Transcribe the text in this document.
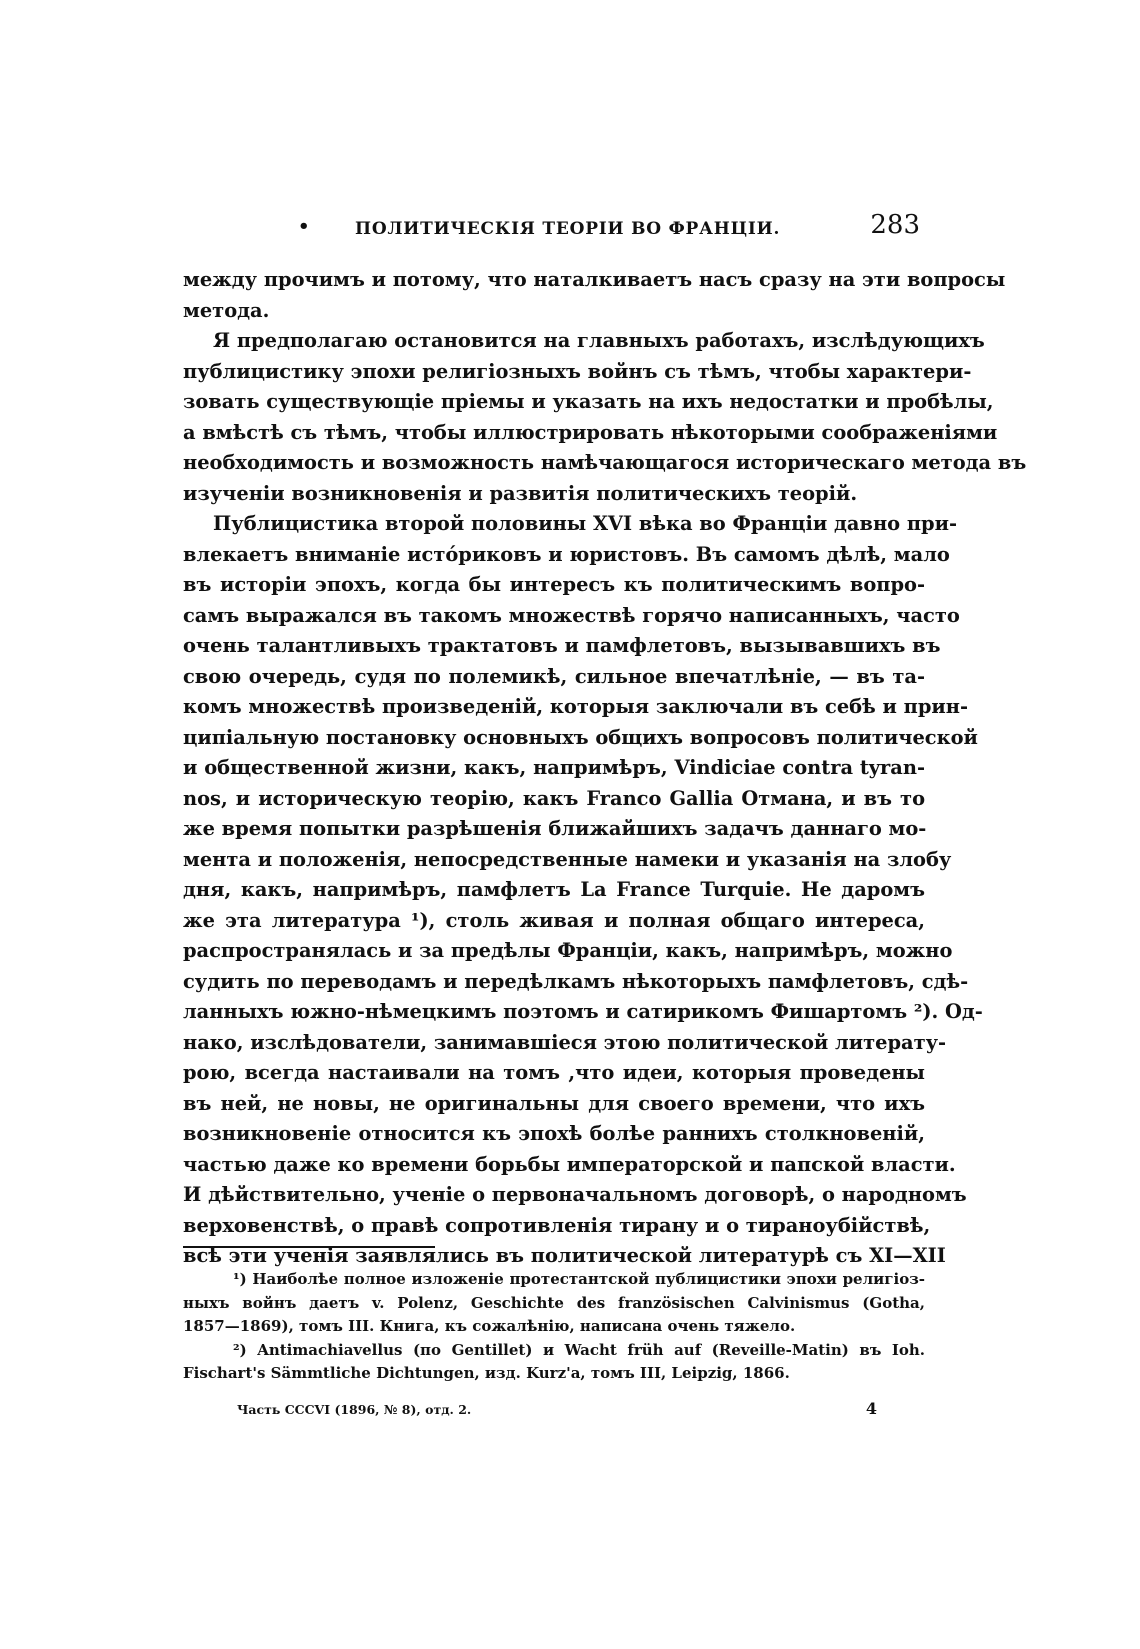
•	ПОЛИТИЧЕСКІЯ ТЕОРІИ ВО ФРАНЦІИ.	283
между прочимъ и потому, что наталкиваетъ насъ сразу на эти вопросы
метода.
Я предполагаю остановится на главныхъ работахъ, изслѣдующихъ
публицистику эпохи религіозныхъ войнъ съ тѣмъ, чтобы характери-
зовать существующіе пріемы и указать на ихъ недостатки и пробѣлы,
а вмѣстѣ съ тѣмъ, чтобы иллюстрировать нѣкоторыми соображеніями
необходимость и возможность намѣчающагося историческаго метода въ
изученіи возникновенія и развитія политическихъ теорій.
Публицистика второй половины XVI вѣка во Франціи давно при-
влекаетъ вниманіе истóриковъ и юристовъ. Въ самомъ дѣлѣ, мало
въ исторіи эпохъ, когда бы интересъ къ политическимъ вопро-
самъ выражался въ такомъ множествѣ горячо написанныхъ, часто
очень талантливыхъ трактатовъ и памфлетовъ, вызывавшихъ въ
свою очередь, судя по полемикѣ, сильное впечатлѣніе, — въ та-
комъ множествѣ произведеній, которыя заключали въ себѣ и прин-
ципіальную постановку основныхъ общихъ вопросовъ политической
и общественной жизни, какъ, напримѣръ, Vindiciae contra tyran-
nos, и историческую теорію, какъ Franco Gallia Отмана, и въ то
же время попытки разрѣшенія ближайшихъ задачъ даннаго мо-
мента и положенія, непосредственные намеки и указанія на злобу
дня, какъ, напримѣръ, памфлетъ La France Turquie. Не даромъ
же эта литература ¹), столь живая и полная общаго интереса,
распространялась и за предѣлы Франціи, какъ, напримѣръ, можно
судить по переводамъ и передѣлкамъ нѣкоторыхъ памфлетовъ, сдѣ-
ланныхъ южно-нѣмецкимъ поэтомъ и сатирикомъ Фишартомъ ²). Од-
нако, изслѣдователи, занимавшіеся этою политической литерату-
рою, всегда настаивали на томъ ,что идеи, которыя проведены
въ ней, не новы, не оригинальны для своего времени, что ихъ
возникновеніе относится къ эпохѣ болѣе раннихъ столкновеній,
частью даже ко времени борьбы императорской и папской власти.
И дѣйствительно, ученіе о первоначальномъ договорѣ, о народномъ
верховенствѣ, о правѣ сопротивленія тирану и о тираноубійствѣ,
всѣ эти ученія заявлялись въ политической литературѣ съ XI—XII
¹) Наиболѣе полное изложеніе протестантской публицистики эпохи религіоз-
ныхъ войнъ даетъ v. Polenz, Geschichte des französischen Calvinismus (Gotha,
1857—1869), томъ III. Книга, къ сожалѣнію, написана очень тяжело.
²) Antimachiavellus (по Gentillet) и Wacht früh auf (Reveille-Matin) въ Ioh.
Fischart's Sämmtliche Dichtungen, изд. Kurz'a, томъ III, Leipzig, 1866.
Часть CCCVI (1896, № 8), отд. 2.	4
